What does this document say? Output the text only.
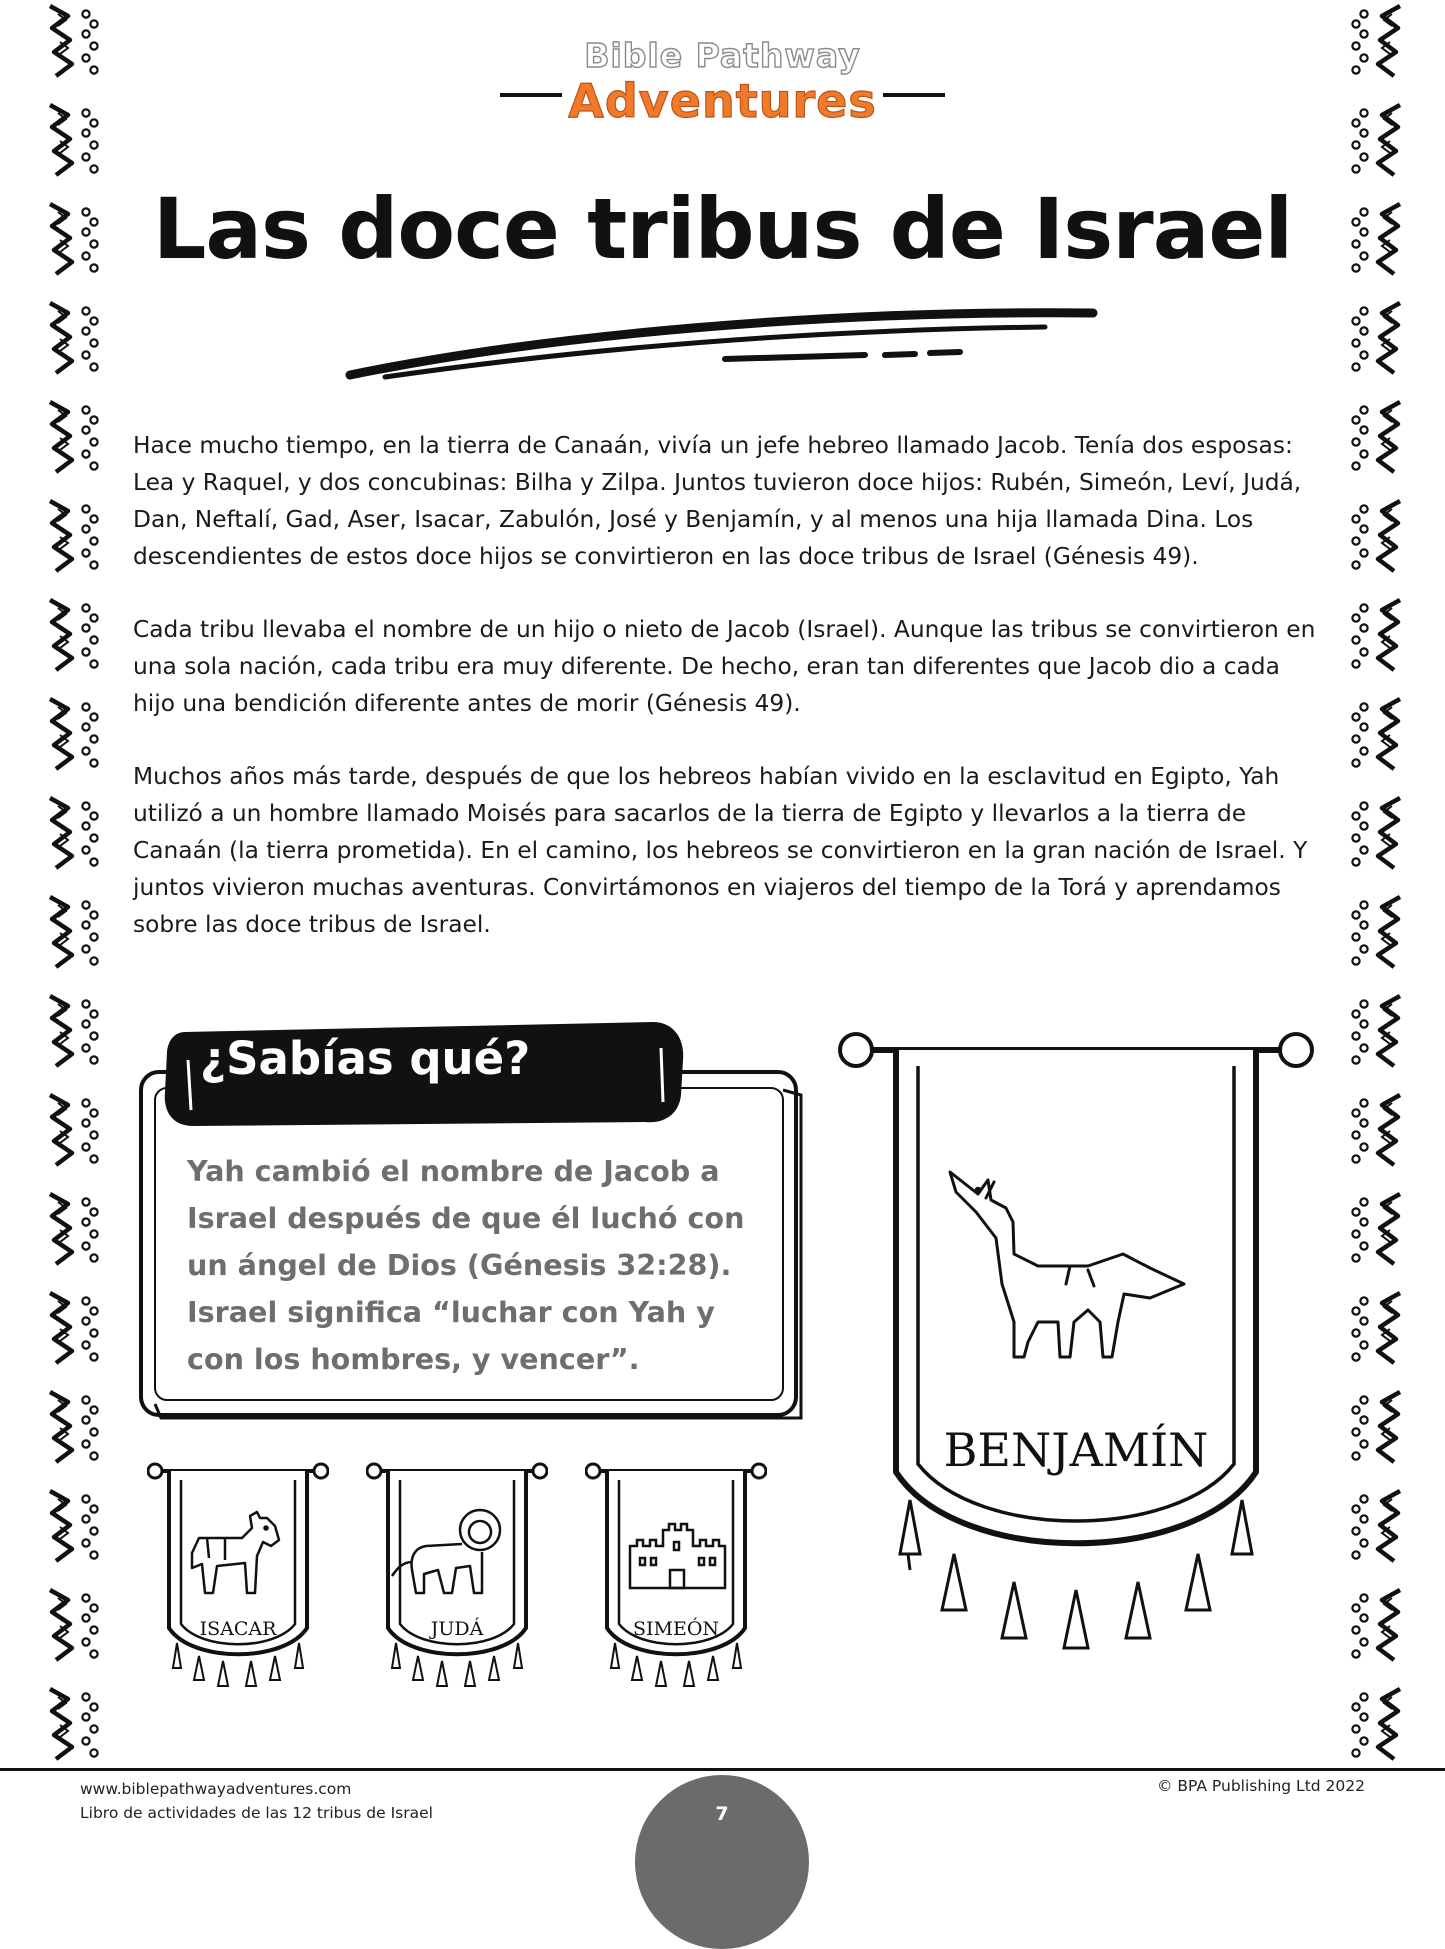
Bible Pathway
Adventures
Las doce tribus de Israel

Hace mucho tiempo, en la tierra de Canaán, vivía un jefe hebreo llamado Jacob. Tenía dos esposas: Lea y Raquel, y dos concubinas: Bilha y Zilpa. Juntos tuvieron doce hijos: Rubén, Simeón, Leví, Judá, Dan, Neftalí, Gad, Aser, Isacar, Zabulón, José y Benjamín, y al menos una hija llamada Dina. Los descendientes de estos doce hijos se convirtieron en las doce tribus de Israel (Génesis 49).

Cada tribu llevaba el nombre de un hijo o nieto de Jacob (Israel). Aunque las tribus se convirtieron en una sola nación, cada tribu era muy diferente. De hecho, eran tan diferentes que Jacob dio a cada hijo una bendición diferente antes de morir (Génesis 49).

Muchos años más tarde, después de que los hebreos habían vivido en la esclavitud en Egipto, Yah utilizó a un hombre llamado Moisés para sacarlos de la tierra de Egipto y llevarlos a la tierra de Canaán (la tierra prometida). En el camino, los hebreos se convirtieron en la gran nación de Israel. Y juntos vivieron muchas aventuras. Convirtámonos en viajeros del tiempo de la Torá y aprendamos sobre las doce tribus de Israel.

¿Sabías qué?
Yah cambió el nombre de Jacob a
Israel después de que él luchó con
un ángel de Dios (Génesis 32:28).
Israel significa “luchar con Yah y
con los hombres, y vencer”.
ISACAR	JUDÁ	SIMEÓN
BENJAMÍN
www.biblepathwayadventures.com
Libro de actividades de las 12 tribus de Israel
© BPA Publishing Ltd 2022
7
